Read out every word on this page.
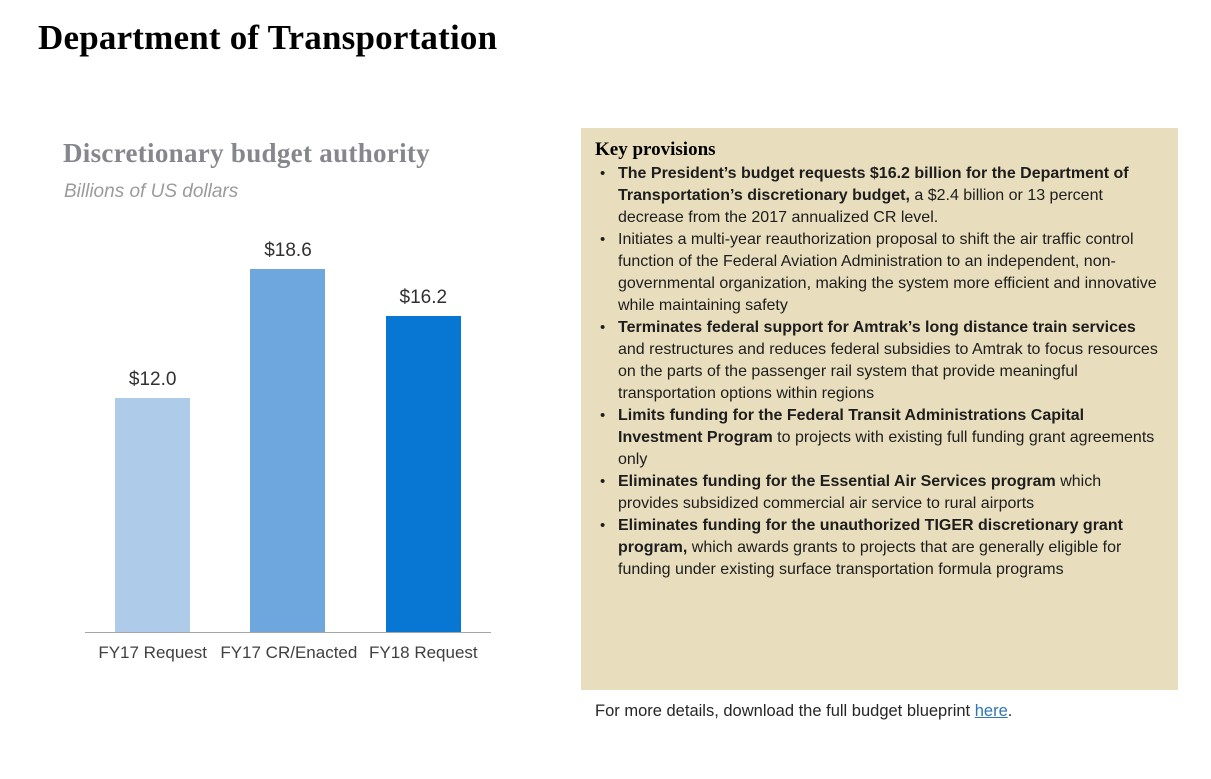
Department of Transportation
Discretionary budget authority
Billions of US dollars
$12.0
$18.6
$16.2
FY17 Request FY17 CR/Enacted FY18 Request
Key provisions
• The President’s budget requests $16.2 billion for the Department of Transportation’s discretionary budget, a $2.4 billion or 13 percent decrease from the 2017 annualized CR level.
• Initiates a multi-year reauthorization proposal to shift the air traffic control function of the Federal Aviation Administration to an independent, non-governmental organization, making the system more efficient and innovative while maintaining safety
• Terminates federal support for Amtrak’s long distance train services and restructures and reduces federal subsidies to Amtrak to focus resources on the parts of the passenger rail system that provide meaningful transportation options within regions
• Limits funding for the Federal Transit Administrations Capital Investment Program to projects with existing full funding grant agreements only
• Eliminates funding for the Essential Air Services program which provides subsidized commercial air service to rural airports
• Eliminates funding for the unauthorized TIGER discretionary grant program, which awards grants to projects that are generally eligible for funding under existing surface transportation formula programs
For more details, download the full budget blueprint here.
